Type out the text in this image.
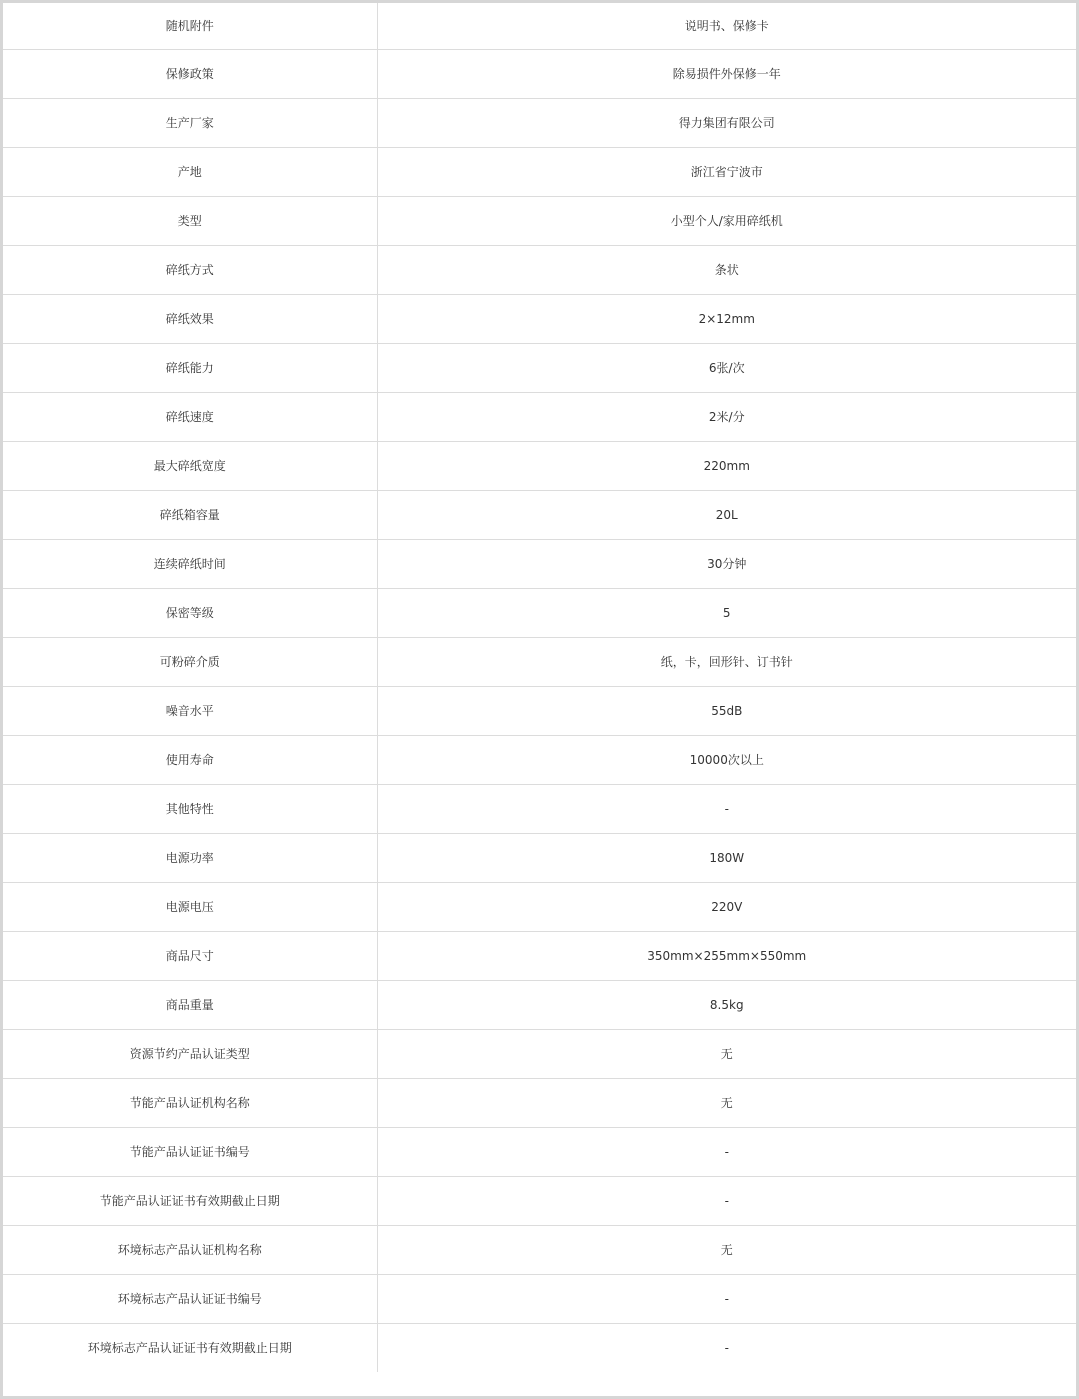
随机附件	说明书、保修卡
保修政策	除易损件外保修一年
生产厂家	得力集团有限公司
产地	浙江省宁波市
类型	小型个人/家用碎纸机
碎纸方式	条状
碎纸效果	2×12mm
碎纸能力	6张/次
碎纸速度	2米/分
最大碎纸宽度	220mm
碎纸箱容量	20L
连续碎纸时间	30分钟
保密等级	5
可粉碎介质	纸，卡，回形针、订书针
噪音水平	55dB
使用寿命	10000次以上
其他特性	-
电源功率	180W
电源电压	220V
商品尺寸	350mm×255mm×550mm
商品重量	8.5kg
资源节约产品认证类型	无
节能产品认证机构名称	无
节能产品认证证书编号	-
节能产品认证证书有效期截止日期	-
环境标志产品认证机构名称	无
环境标志产品认证证书编号	-
环境标志产品认证证书有效期截止日期	-
